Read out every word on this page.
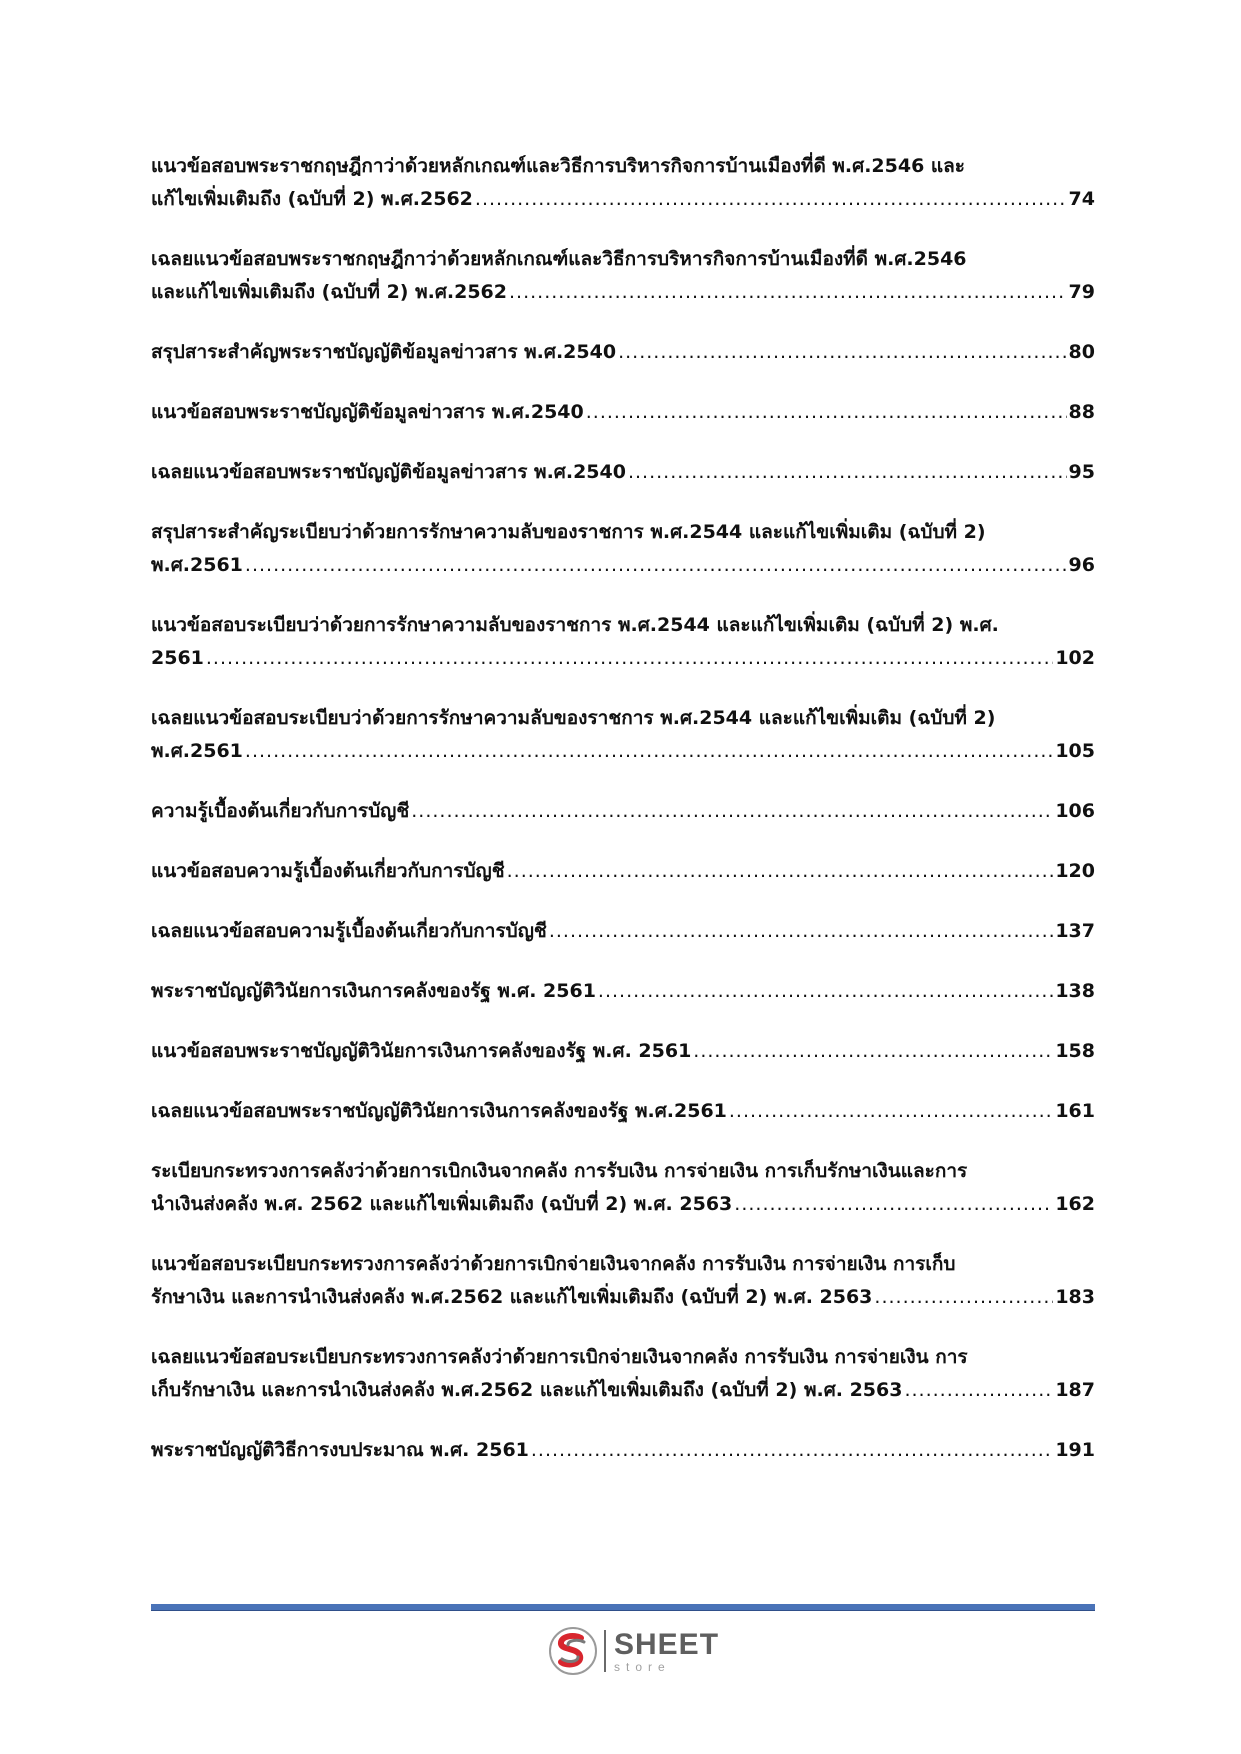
แนวข้อสอบพระราชกฤษฎีกาว่าด้วยหลักเกณฑ์และวิธีการบริหารกิจการบ้านเมืองที่ดี พ.ศ.2546 และ
แก้ไขเพิ่มเติมถึง (ฉบับที่ 2) พ.ศ.2562 .....	74
เฉลยแนวข้อสอบพระราชกฤษฎีกาว่าด้วยหลักเกณฑ์และวิธีการบริหารกิจการบ้านเมืองที่ดี พ.ศ.2546
และแก้ไขเพิ่มเติมถึง (ฉบับที่ 2) พ.ศ.2562 .....	79
สรุปสาระสำคัญพระราชบัญญัติข้อมูลข่าวสาร พ.ศ.2540 .....	80
แนวข้อสอบพระราชบัญญัติข้อมูลข่าวสาร พ.ศ.2540 .....	88
เฉลยแนวข้อสอบพระราชบัญญัติข้อมูลข่าวสาร พ.ศ.2540 .....	95
สรุปสาระสำคัญระเบียบว่าด้วยการรักษาความลับของราชการ พ.ศ.2544 และแก้ไขเพิ่มเติม (ฉบับที่ 2)
พ.ศ.2561 .....	96
แนวข้อสอบระเบียบว่าด้วยการรักษาความลับของราชการ พ.ศ.2544 และแก้ไขเพิ่มเติม (ฉบับที่ 2) พ.ศ.
2561 .....	102
เฉลยแนวข้อสอบระเบียบว่าด้วยการรักษาความลับของราชการ พ.ศ.2544 และแก้ไขเพิ่มเติม (ฉบับที่ 2)
พ.ศ.2561 .....	105
ความรู้เบื้องต้นเกี่ยวกับการบัญชี .....	106
แนวข้อสอบความรู้เบื้องต้นเกี่ยวกับการบัญชี .....	120
เฉลยแนวข้อสอบความรู้เบื้องต้นเกี่ยวกับการบัญชี .....	137
พระราชบัญญัติวินัยการเงินการคลังของรัฐ พ.ศ. 2561 .....	138
แนวข้อสอบพระราชบัญญัติวินัยการเงินการคลังของรัฐ พ.ศ. 2561 .....	158
เฉลยแนวข้อสอบพระราชบัญญัติวินัยการเงินการคลังของรัฐ พ.ศ.2561 .....	161
ระเบียบกระทรวงการคลังว่าด้วยการเบิกเงินจากคลัง การรับเงิน การจ่ายเงิน การเก็บรักษาเงินและการ
นำเงินส่งคลัง พ.ศ. 2562 และแก้ไขเพิ่มเติมถึง (ฉบับที่ 2) พ.ศ. 2563 .....	162
แนวข้อสอบระเบียบกระทรวงการคลังว่าด้วยการเบิกจ่ายเงินจากคลัง การรับเงิน การจ่ายเงิน การเก็บ
รักษาเงิน และการนำเงินส่งคลัง พ.ศ.2562 และแก้ไขเพิ่มเติมถึง (ฉบับที่ 2) พ.ศ. 2563 .....	183
เฉลยแนวข้อสอบระเบียบกระทรวงการคลังว่าด้วยการเบิกจ่ายเงินจากคลัง การรับเงิน การจ่ายเงิน การ
เก็บรักษาเงิน และการนำเงินส่งคลัง พ.ศ.2562 และแก้ไขเพิ่มเติมถึง (ฉบับที่ 2) พ.ศ. 2563 .....	187
พระราชบัญญัติวิธีการงบประมาณ พ.ศ. 2561 .....	191
SHEET
store
